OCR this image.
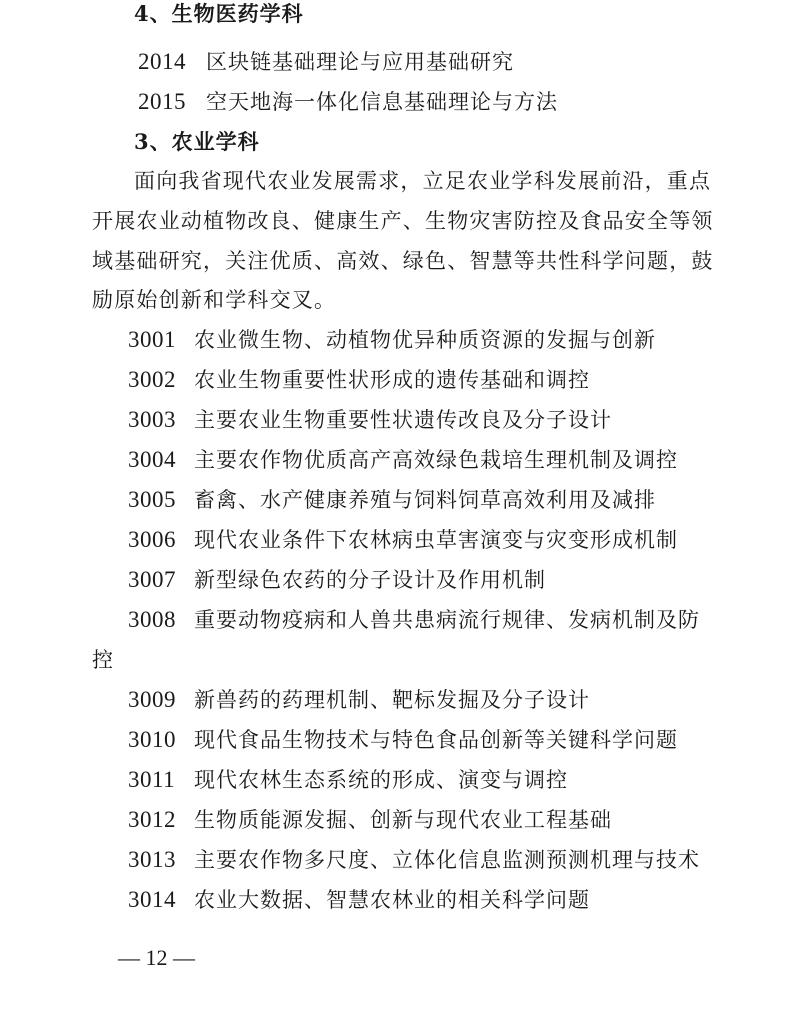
2014 区块链基础理论与应用基础研究
2015 空天地海一体化信息基础理论与方法
3、农业学科
面向我省现代农业发展需求，立足农业学科发展前沿，重点
开展农业动植物改良、健康生产、生物灾害防控及食品安全等领
域基础研究，关注优质、高效、绿色、智慧等共性科学问题，鼓
励原始创新和学科交叉。
3001 农业微生物、动植物优异种质资源的发掘与创新
3002 农业生物重要性状形成的遗传基础和调控
3003 主要农业生物重要性状遗传改良及分子设计
3004 主要农作物优质高产高效绿色栽培生理机制及调控
3005 畜禽、水产健康养殖与饲料饲草高效利用及减排
3006 现代农业条件下农林病虫草害演变与灾变形成机制
3007 新型绿色农药的分子设计及作用机制
3008 重要动物疫病和人兽共患病流行规律、发病机制及防
控
3009 新兽药的药理机制、靶标发掘及分子设计
3010 现代食品生物技术与特色食品创新等关键科学问题
3011 现代农林生态系统的形成、演变与调控
3012 生物质能源发掘、创新与现代农业工程基础
3013 主要农作物多尺度、立体化信息监测预测机理与技术
3014 农业大数据、智慧农林业的相关科学问题
4、生物医药学科
— 12 —
